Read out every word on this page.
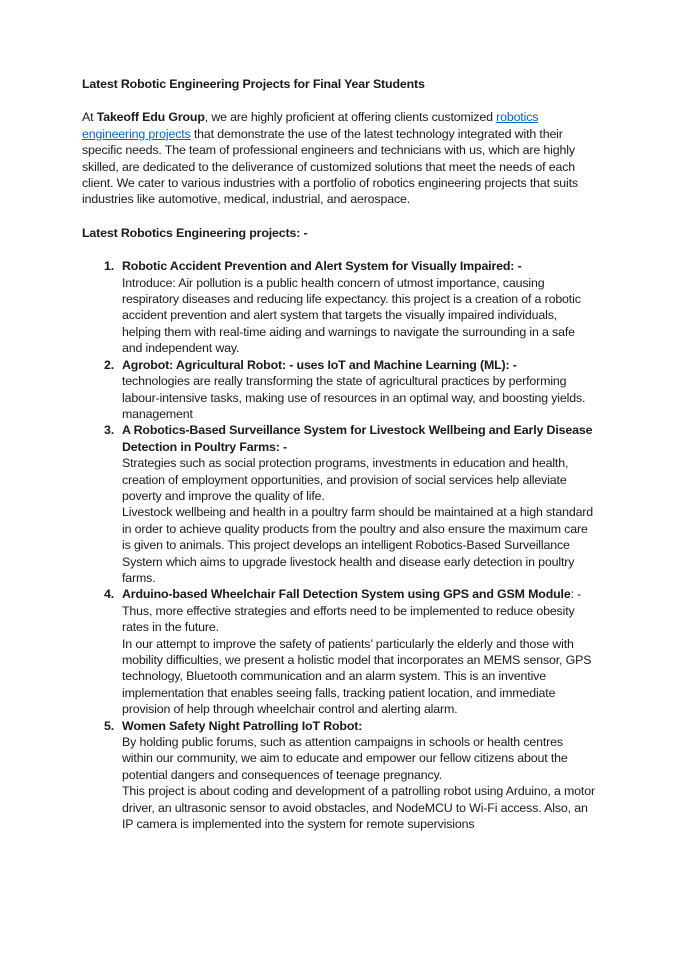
Latest Robotic Engineering Projects for Final Year Students

At Takeoff Edu Group, we are highly proficient at offering clients customized robotics engineering projects that demonstrate the use of the latest technology integrated with their specific needs. The team of professional engineers and technicians with us, which are highly skilled, are dedicated to the deliverance of customized solutions that meet the needs of each client. We cater to various industries with a portfolio of robotics engineering projects that suits industries like automotive, medical, industrial, and aerospace.

Latest Robotics Engineering projects: -

1. Robotic Accident Prevention and Alert System for Visually Impaired: -
Introduce: Air pollution is a public health concern of utmost importance, causing respiratory diseases and reducing life expectancy. this project is a creation of a robotic accident prevention and alert system that targets the visually impaired individuals, helping them with real-time aiding and warnings to navigate the surrounding in a safe and independent way.
2. Agrobot: Agricultural Robot: - uses IoT and Machine Learning (ML): -
technologies are really transforming the state of agricultural practices by performing labour-intensive tasks, making use of resources in an optimal way, and boosting yields.
management
3. A Robotics-Based Surveillance System for Livestock Wellbeing and Early Disease Detection in Poultry Farms: -
Strategies such as social protection programs, investments in education and health, creation of employment opportunities, and provision of social services help alleviate poverty and improve the quality of life.
Livestock wellbeing and health in a poultry farm should be maintained at a high standard in order to achieve quality products from the poultry and also ensure the maximum care is given to animals. This project develops an intelligent Robotics-Based Surveillance System which aims to upgrade livestock health and disease early detection in poultry farms.
4. Arduino-based Wheelchair Fall Detection System using GPS and GSM Module: -
Thus, more effective strategies and efforts need to be implemented to reduce obesity rates in the future.
In our attempt to improve the safety of patients’ particularly the elderly and those with mobility difficulties, we present a holistic model that incorporates an MEMS sensor, GPS technology, Bluetooth communication and an alarm system. This is an inventive implementation that enables seeing falls, tracking patient location, and immediate provision of help through wheelchair control and alerting alarm.
5. Women Safety Night Patrolling IoT Robot:
By holding public forums, such as attention campaigns in schools or health centres within our community, we aim to educate and empower our fellow citizens about the potential dangers and consequences of teenage pregnancy.
This project is about coding and development of a patrolling robot using Arduino, a motor driver, an ultrasonic sensor to avoid obstacles, and NodeMCU to Wi-Fi access. Also, an IP camera is implemented into the system for remote supervisions
